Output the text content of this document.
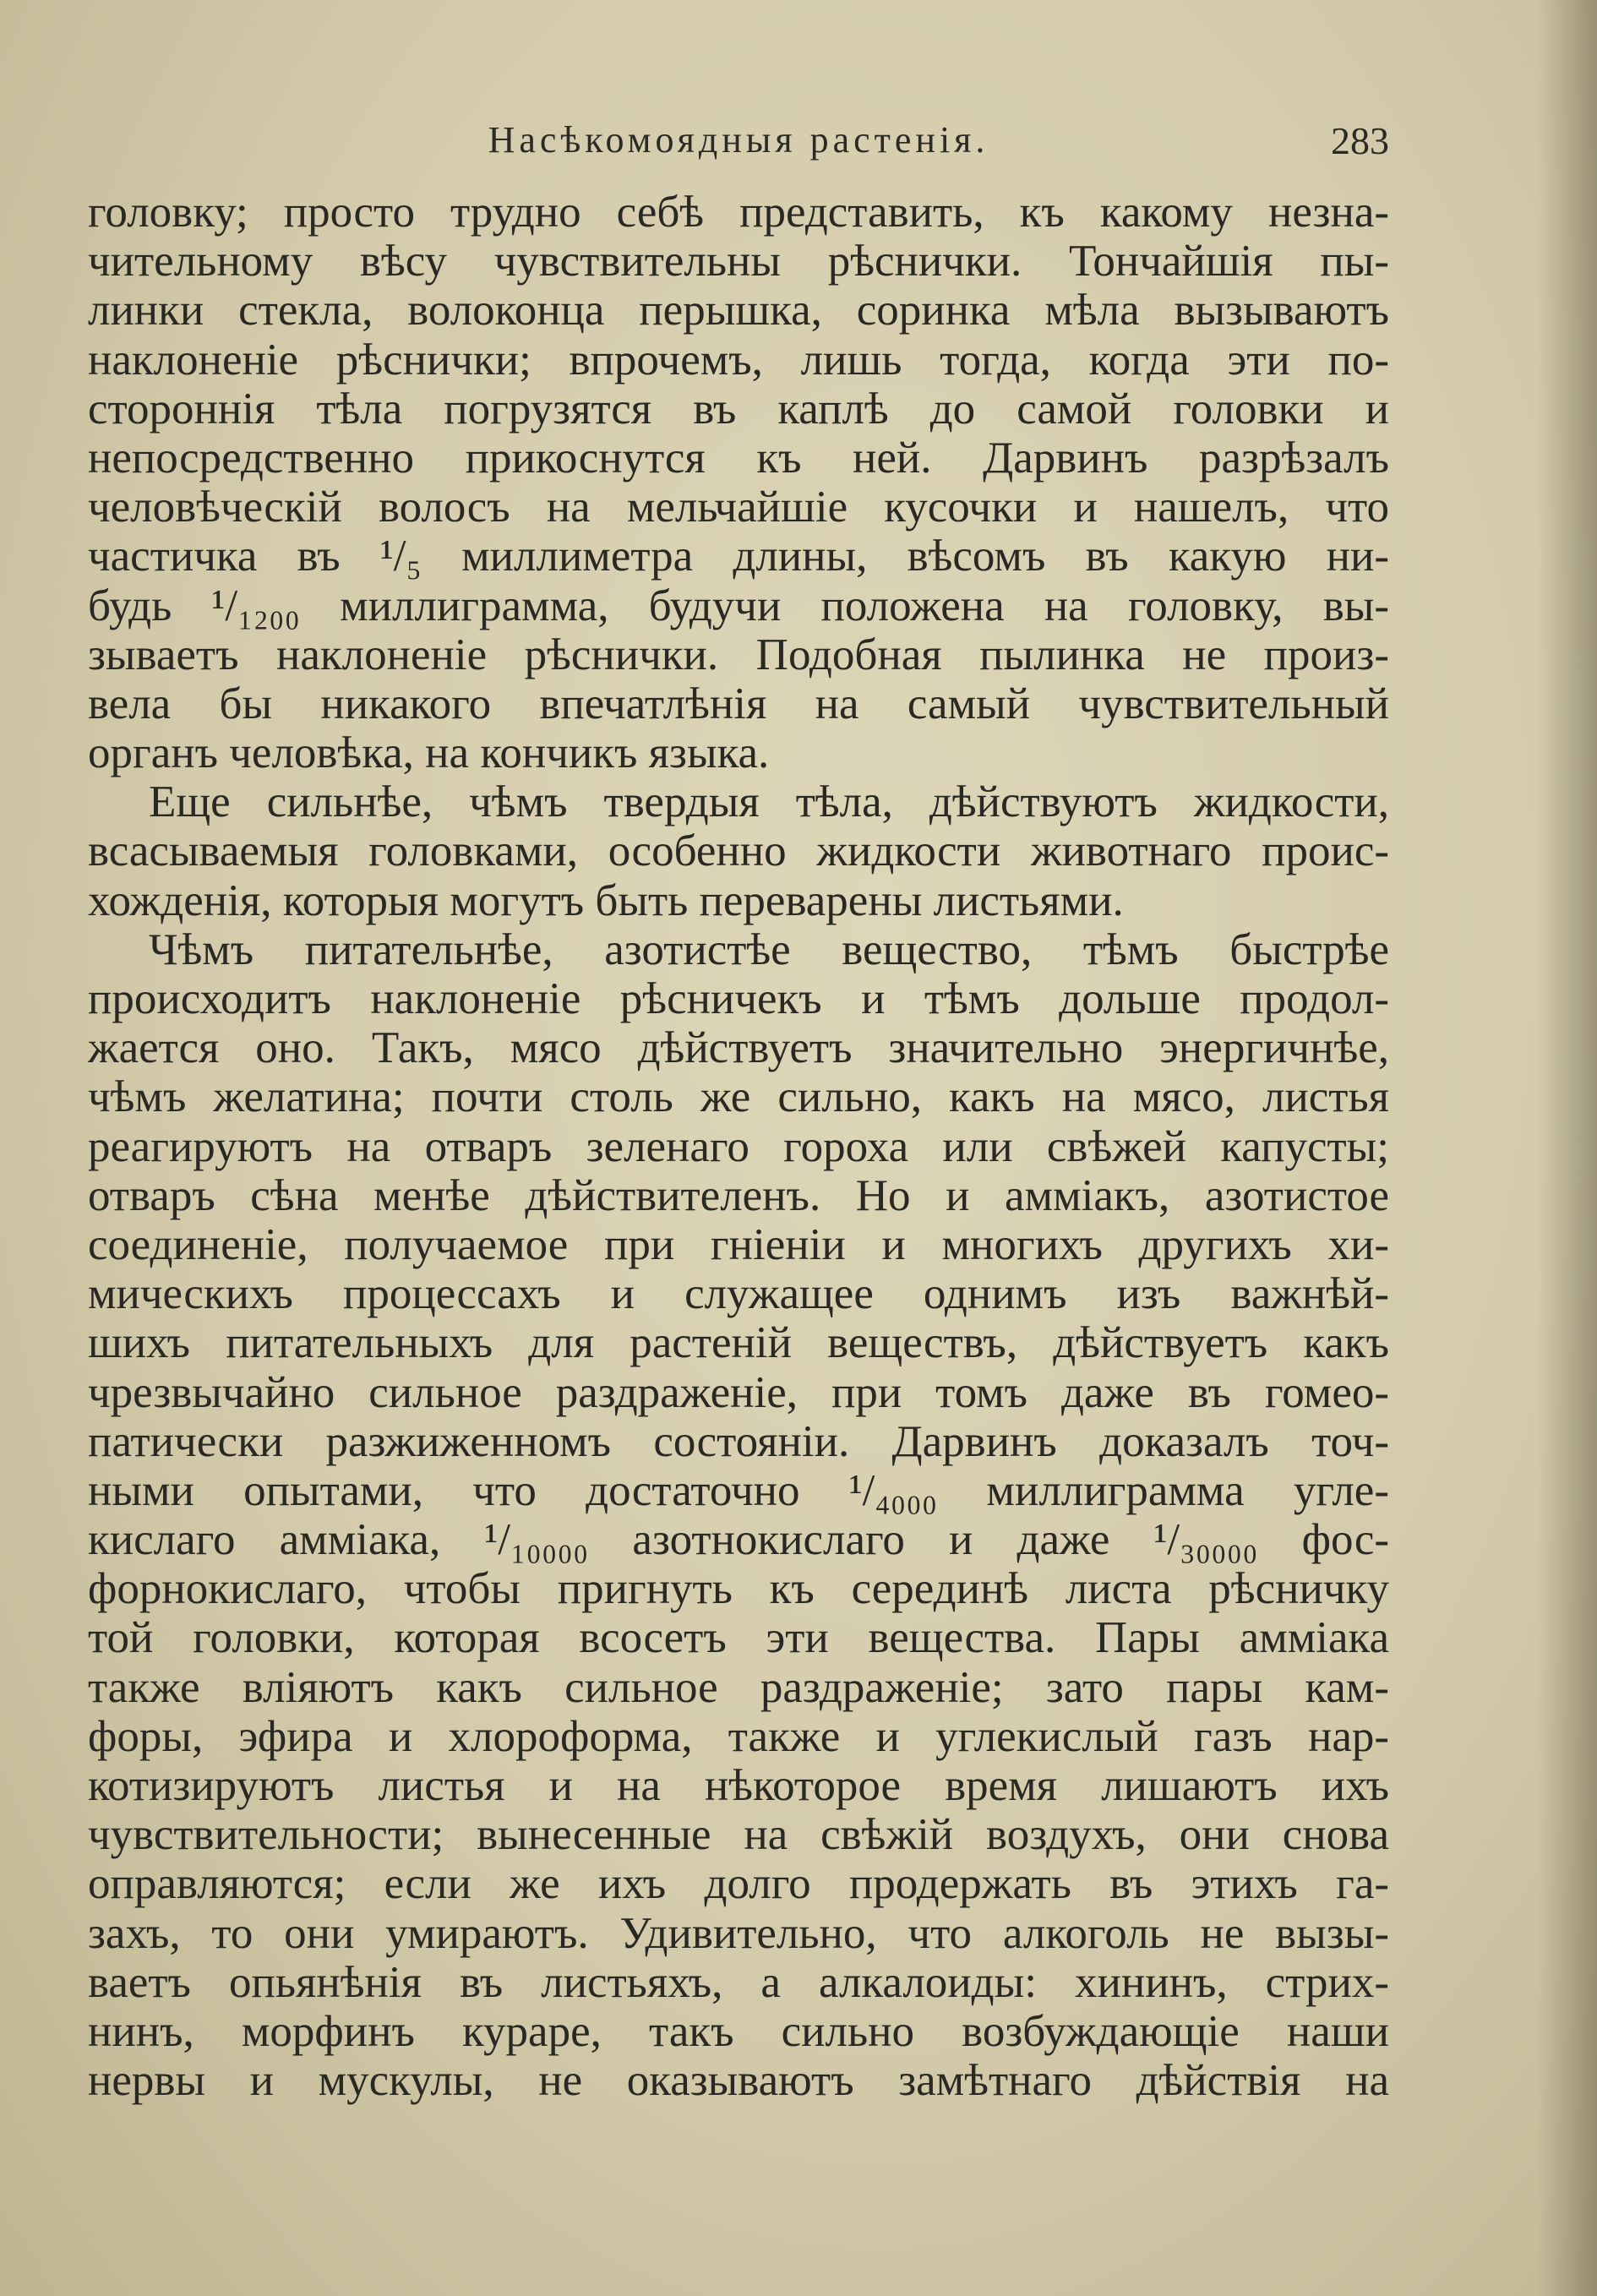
Насѣкомоядныя растенія.	283
головку; просто трудно себѣ представить, къ какому незна-
чительному вѣсу чувствительны рѣснички. Тончайшія пы-
линки стекла, волоконца перышка, соринка мѣла вызываютъ
наклоненіе рѣснички; впрочемъ, лишь тогда, когда эти по-
стороннія тѣла погрузятся въ каплѣ до самой головки и
непосредственно прикоснутся къ ней. Дарвинъ разрѣзалъ
человѣческій волосъ на мельчайшіе кусочки и нашелъ, что
частичка въ ¹/₅ миллиметра длины, вѣсомъ въ какую ни-
будь ¹/₁₂₀₀ миллиграмма, будучи положена на головку, вы-
зываетъ наклоненіе рѣснички. Подобная пылинка не произ-
вела бы никакого впечатлѣнія на самый чувствительный
органъ человѣка, на кончикъ языка.
Еще сильнѣе, чѣмъ твердыя тѣла, дѣйствуютъ жидкости,
всасываемыя головками, особенно жидкости животнаго проис-
хожденія, которыя могутъ быть переварены листьями.
Чѣмъ питательнѣе, азотистѣе вещество, тѣмъ быстрѣе
происходитъ наклоненіе рѣсничекъ и тѣмъ дольше продол-
жается оно. Такъ, мясо дѣйствуетъ значительно энергичнѣе,
чѣмъ желатина; почти столь же сильно, какъ на мясо, листья
реагируютъ на отваръ зеленаго гороха или свѣжей капусты;
отваръ сѣна менѣе дѣйствителенъ. Но и амміакъ, азотистое
соединеніе, получаемое при гніеніи и многихъ другихъ хи-
мическихъ процессахъ и служащее однимъ изъ важнѣй-
шихъ питательныхъ для растеній веществъ, дѣйствуетъ какъ
чрезвычайно сильное раздраженіе, при томъ даже въ гомео-
патически разжиженномъ состояніи. Дарвинъ доказалъ точ-
ными опытами, что достаточно ¹/₄₀₀₀ миллиграмма угле-
кислаго амміака, ¹/₁₀₀₀₀ азотнокислаго и даже ¹/₃₀₀₀₀ фос-
форнокислаго, чтобы пригнуть къ серединѣ листа рѣсничку
той головки, которая всосетъ эти вещества. Пары амміака
также вліяютъ какъ сильное раздраженіе; зато пары кам-
форы, эфира и хлороформа, также и углекислый газъ нар-
котизируютъ листья и на нѣкоторое время лишаютъ ихъ
чувствительности; вынесенные на свѣжій воздухъ, они снова
оправляются; если же ихъ долго продержать въ этихъ га-
захъ, то они умираютъ. Удивительно, что алкоголь не вызы-
ваетъ опьянѣнія въ листьяхъ, а алкалоиды: хининъ, стрих-
нинъ, морфинъ кураре, такъ сильно возбуждающіе наши
нервы и мускулы, не оказываютъ замѣтнаго дѣйствія на
